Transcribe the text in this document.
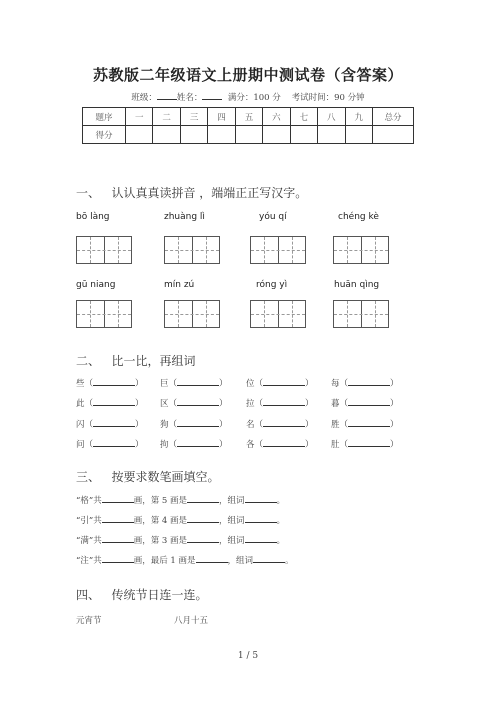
苏教版二年级语文上册期中测试卷（含答案）
班级： 姓名：	满分：100 分 考试时间：90 分钟
题序	一	二	三	四	五	六	七	八	九	总分
得分										
一、 认认真真读拼音 ，端端正正写汉字。
bō làng	zhuàng lì	yóu qí	chéng kè
gū niang	mín zú	róng yì	huān qìng
二、 比一比，再组词
些（	） 巨（	） 位（	） 每（	）
此（	） 区（	） 拉（	） 暮（	）
闪（	） 狗（	） 名（	） 胜（	）
问（	） 拘（	） 各（	） 肚（	）
三、 按要求数笔画填空。
“格”共	画，第 5 画是	，组词	。
“引”共	画，第 4 画是	，组词	。
“满”共	画，第 3 画是	，组词	。
“注”共	画，最后 1 画是	，组词	。
四、 传统节日连一连。
元宵节	八月十五
1 / 5
